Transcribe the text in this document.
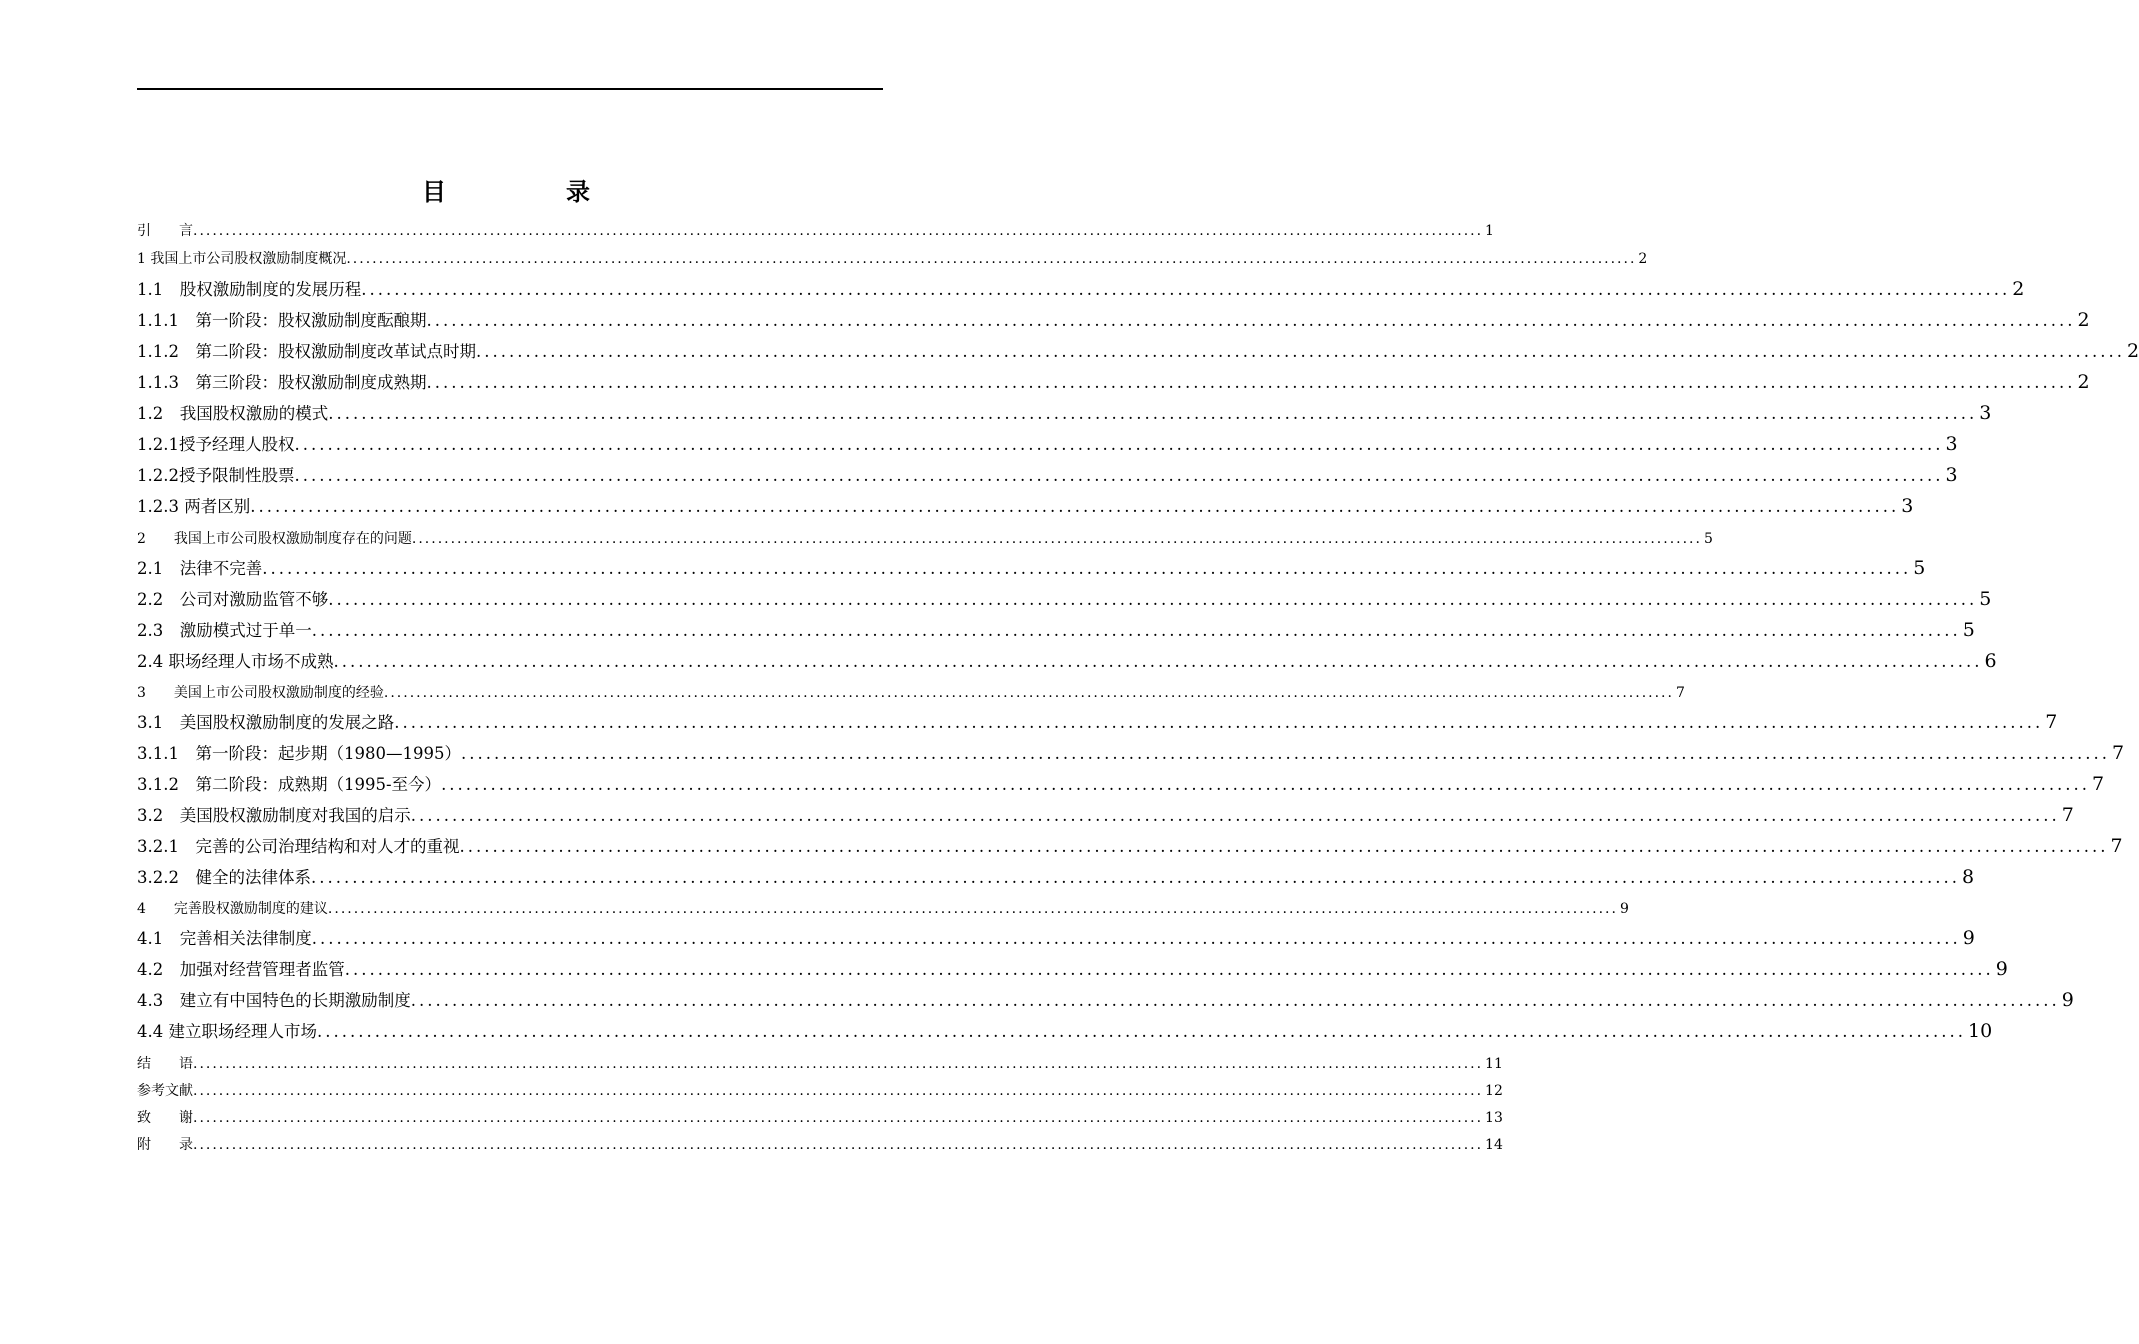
目　录
引　　言 ........................................................................................................................................................................................................ 1
1 我国上市公司股权激励制度概况 ........................................................................................................................................................................................................ 2
1.1　股权激励制度的发展历程 ........................................................................................................................................................................................................ 2
1.1.1　第一阶段：股权激励制度酝酿期 ........................................................................................................................................................................................................ 2
1.1.2　第二阶段：股权激励制度改革试点时期 ........................................................................................................................................................................................................ 2
1.1.3　第三阶段：股权激励制度成熟期 ........................................................................................................................................................................................................ 2
1.2　我国股权激励的模式 ........................................................................................................................................................................................................ 3
1.2.1授予经理人股权 ........................................................................................................................................................................................................ 3
1.2.2授予限制性股票 ........................................................................................................................................................................................................ 3
1.2.3 两者区别 ........................................................................................................................................................................................................ 3
2　　我国上市公司股权激励制度存在的问题 ........................................................................................................................................................................................................ 5
2.1　法律不完善 ........................................................................................................................................................................................................ 5
2.2　公司对激励监管不够 ........................................................................................................................................................................................................ 5
2.3　激励模式过于单一 ........................................................................................................................................................................................................ 5
2.4 职场经理人市场不成熟 ........................................................................................................................................................................................................ 6
3　　美国上市公司股权激励制度的经验 ........................................................................................................................................................................................................ 7
3.1　美国股权激励制度的发展之路 ........................................................................................................................................................................................................ 7
3.1.1　第一阶段：起步期（1980—1995） ........................................................................................................................................................................................................ 7
3.1.2　第二阶段：成熟期（1995-至今） ........................................................................................................................................................................................................ 7
3.2　美国股权激励制度对我国的启示 ........................................................................................................................................................................................................ 7
3.2.1　完善的公司治理结构和对人才的重视 ........................................................................................................................................................................................................ 7
3.2.2　健全的法律体系 ........................................................................................................................................................................................................ 8
4　　完善股权激励制度的建议 ........................................................................................................................................................................................................ 9
4.1　完善相关法律制度 ........................................................................................................................................................................................................ 9
4.2　加强对经营管理者监管 ........................................................................................................................................................................................................ 9
4.3　建立有中国特色的长期激励制度 ........................................................................................................................................................................................................ 9
4.4 建立职场经理人市场 ........................................................................................................................................................................................................ 10
结　　语 ........................................................................................................................................................................................................ 11
参考文献 ........................................................................................................................................................................................................ 12
致　　谢 ........................................................................................................................................................................................................ 13
附　　录 ........................................................................................................................................................................................................ 14
